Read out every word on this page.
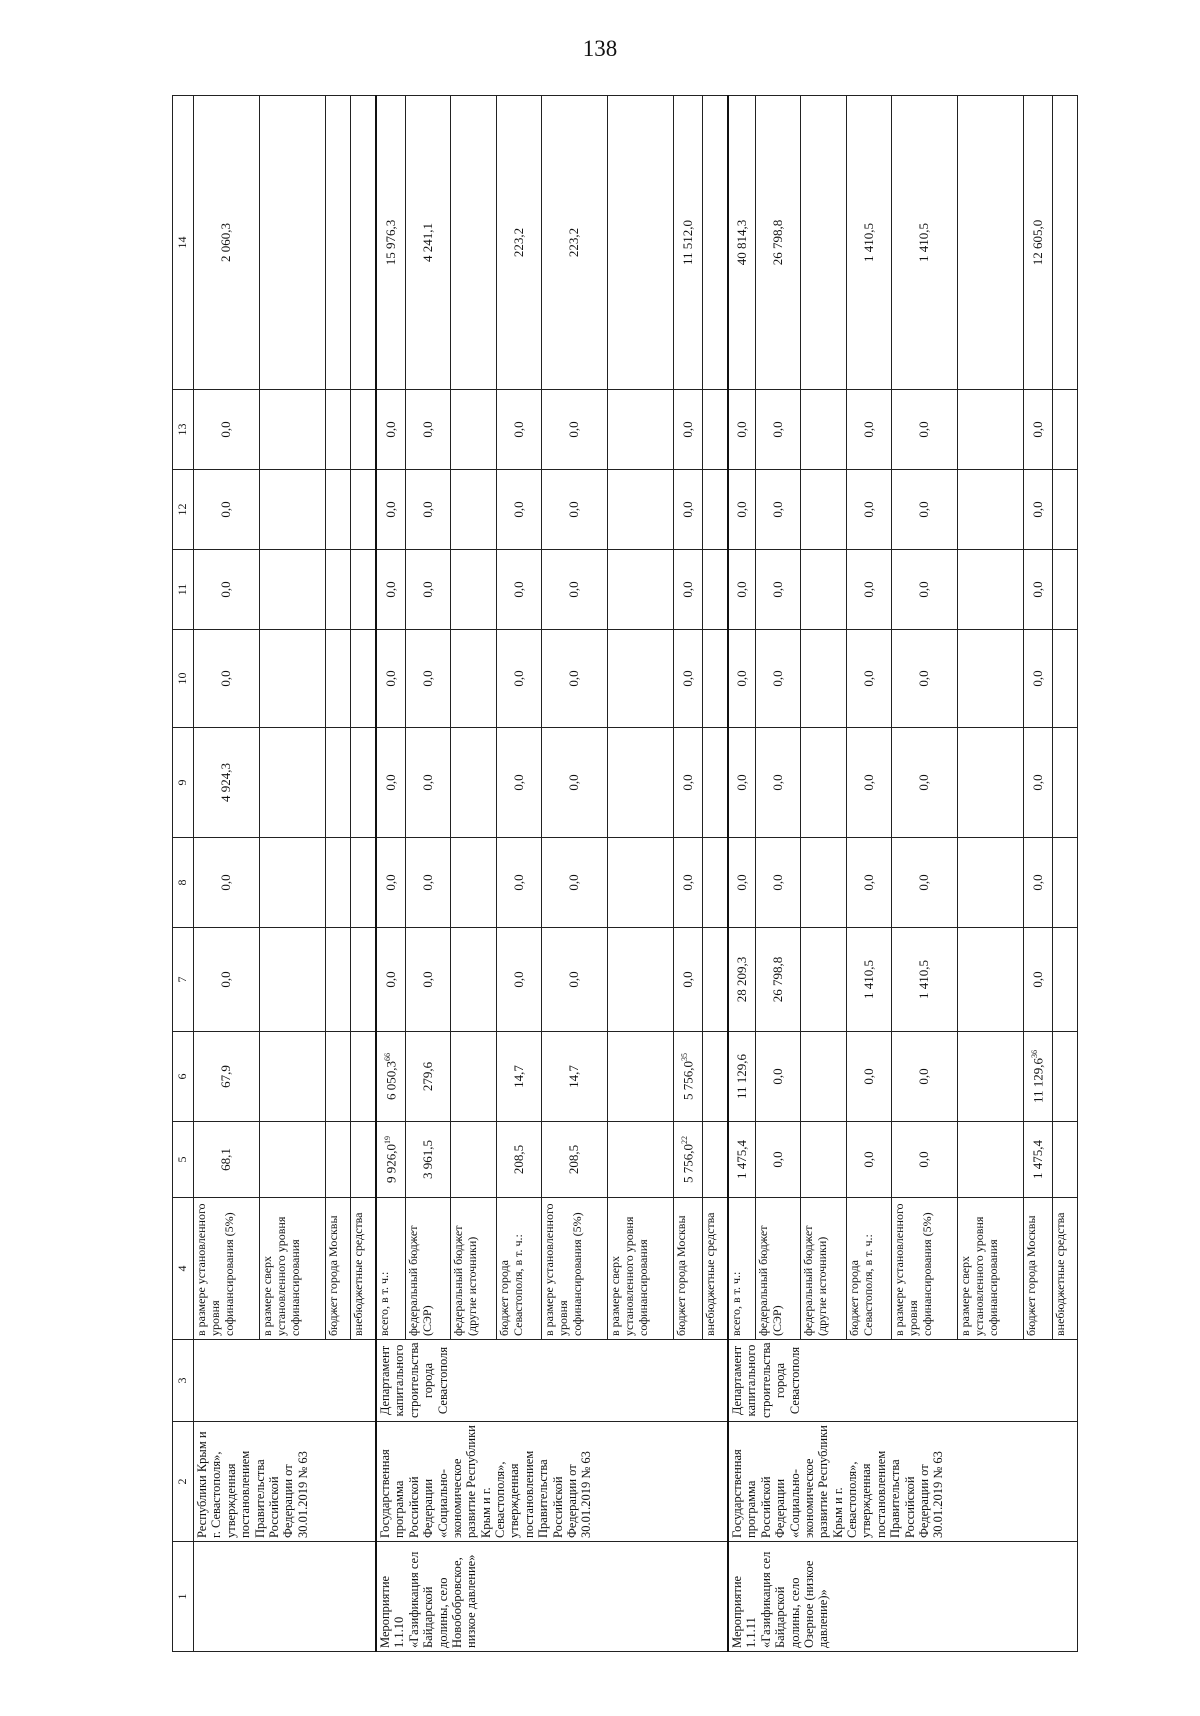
138
1	2	3	4	5	6	7	8	9	10	11	12	13	14
	Республики Крым и г. Севастополя», утвержденная постановлением Правительства Российской Федерации от 30.01.2019 № 63		в размере установленного уровня софинансирования (5%)	68,1	67,9	0,0	0,0	4 924,3	0,0	0,0	0,0	0,0	2 060,3
			в размере сверх установленного уровня софинансирования										
			бюджет города Москвы										
			внебюджетные средства										
Мероприятие 1.1.10 «Газификация сел Байдарской долины, село Новобобровское, низкое давление»	Государственная программа Российской Федерации «Социально-экономическое развитие Республики Крым и г. Севастополя», утвержденная постановлением Правительства Российской Федерации от 30.01.2019 № 63	Департамент капитального строительства города Севастополя	всего, в т. ч.:	9 926,0$^{19}$	6 050,3$^{66}$	0,0	0,0	0,0	0,0	0,0	0,0	0,0	15 976,3
			федеральный бюджет (СЭР)	3 961,5	279,6	0,0	0,0	0,0	0,0	0,0	0,0	0,0	4 241,1
			федеральный бюджет (другие источники)										
			бюджет города Севастополя, в т. ч.:	208,5	14,7	0,0	0,0	0,0	0,0	0,0	0,0	0,0	223,2
			в размере установленного уровня софинансирования (5%)	208,5	14,7	0,0	0,0	0,0	0,0	0,0	0,0	0,0	223,2
			в размере сверх установленного уровня софинансирования										
			бюджет города Москвы	5 756,0$^{22}$	5 756,0$^{35}$	0,0	0,0	0,0	0,0	0,0	0,0	0,0	11 512,0
			внебюджетные средства										
Мероприятие 1.1.11 «Газификация сел Байдарской долины, село Озерное (низкое давление)»	Государственная программа Российской Федерации «Социально-экономическое развитие Республики Крым и г. Севастополя», утвержденная постановлением Правительства Российской Федерации от 30.01.2019 № 63	Департамент капитального строительства города Севастополя	всего, в т. ч.:	1 475,4	11 129,6	28 209,3	0,0	0,0	0,0	0,0	0,0	0,0	40 814,3
			федеральный бюджет (СЭР)	0,0	0,0	26 798,8	0,0	0,0	0,0	0,0	0,0	0,0	26 798,8
			федеральный бюджет (другие источники)										
			бюджет города Севастополя, в т. ч.:	0,0	0,0	1 410,5	0,0	0,0	0,0	0,0	0,0	0,0	1 410,5
			в размере установленного уровня софинансирования (5%)	0,0	0,0	1 410,5	0,0	0,0	0,0	0,0	0,0	0,0	1 410,5
			в размере сверх установленного уровня софинансирования										
			бюджет города Москвы	1 475,4	11 129,6$^{36}$	0,0	0,0	0,0	0,0	0,0	0,0	0,0	12 605,0
			внебюджетные средства										
